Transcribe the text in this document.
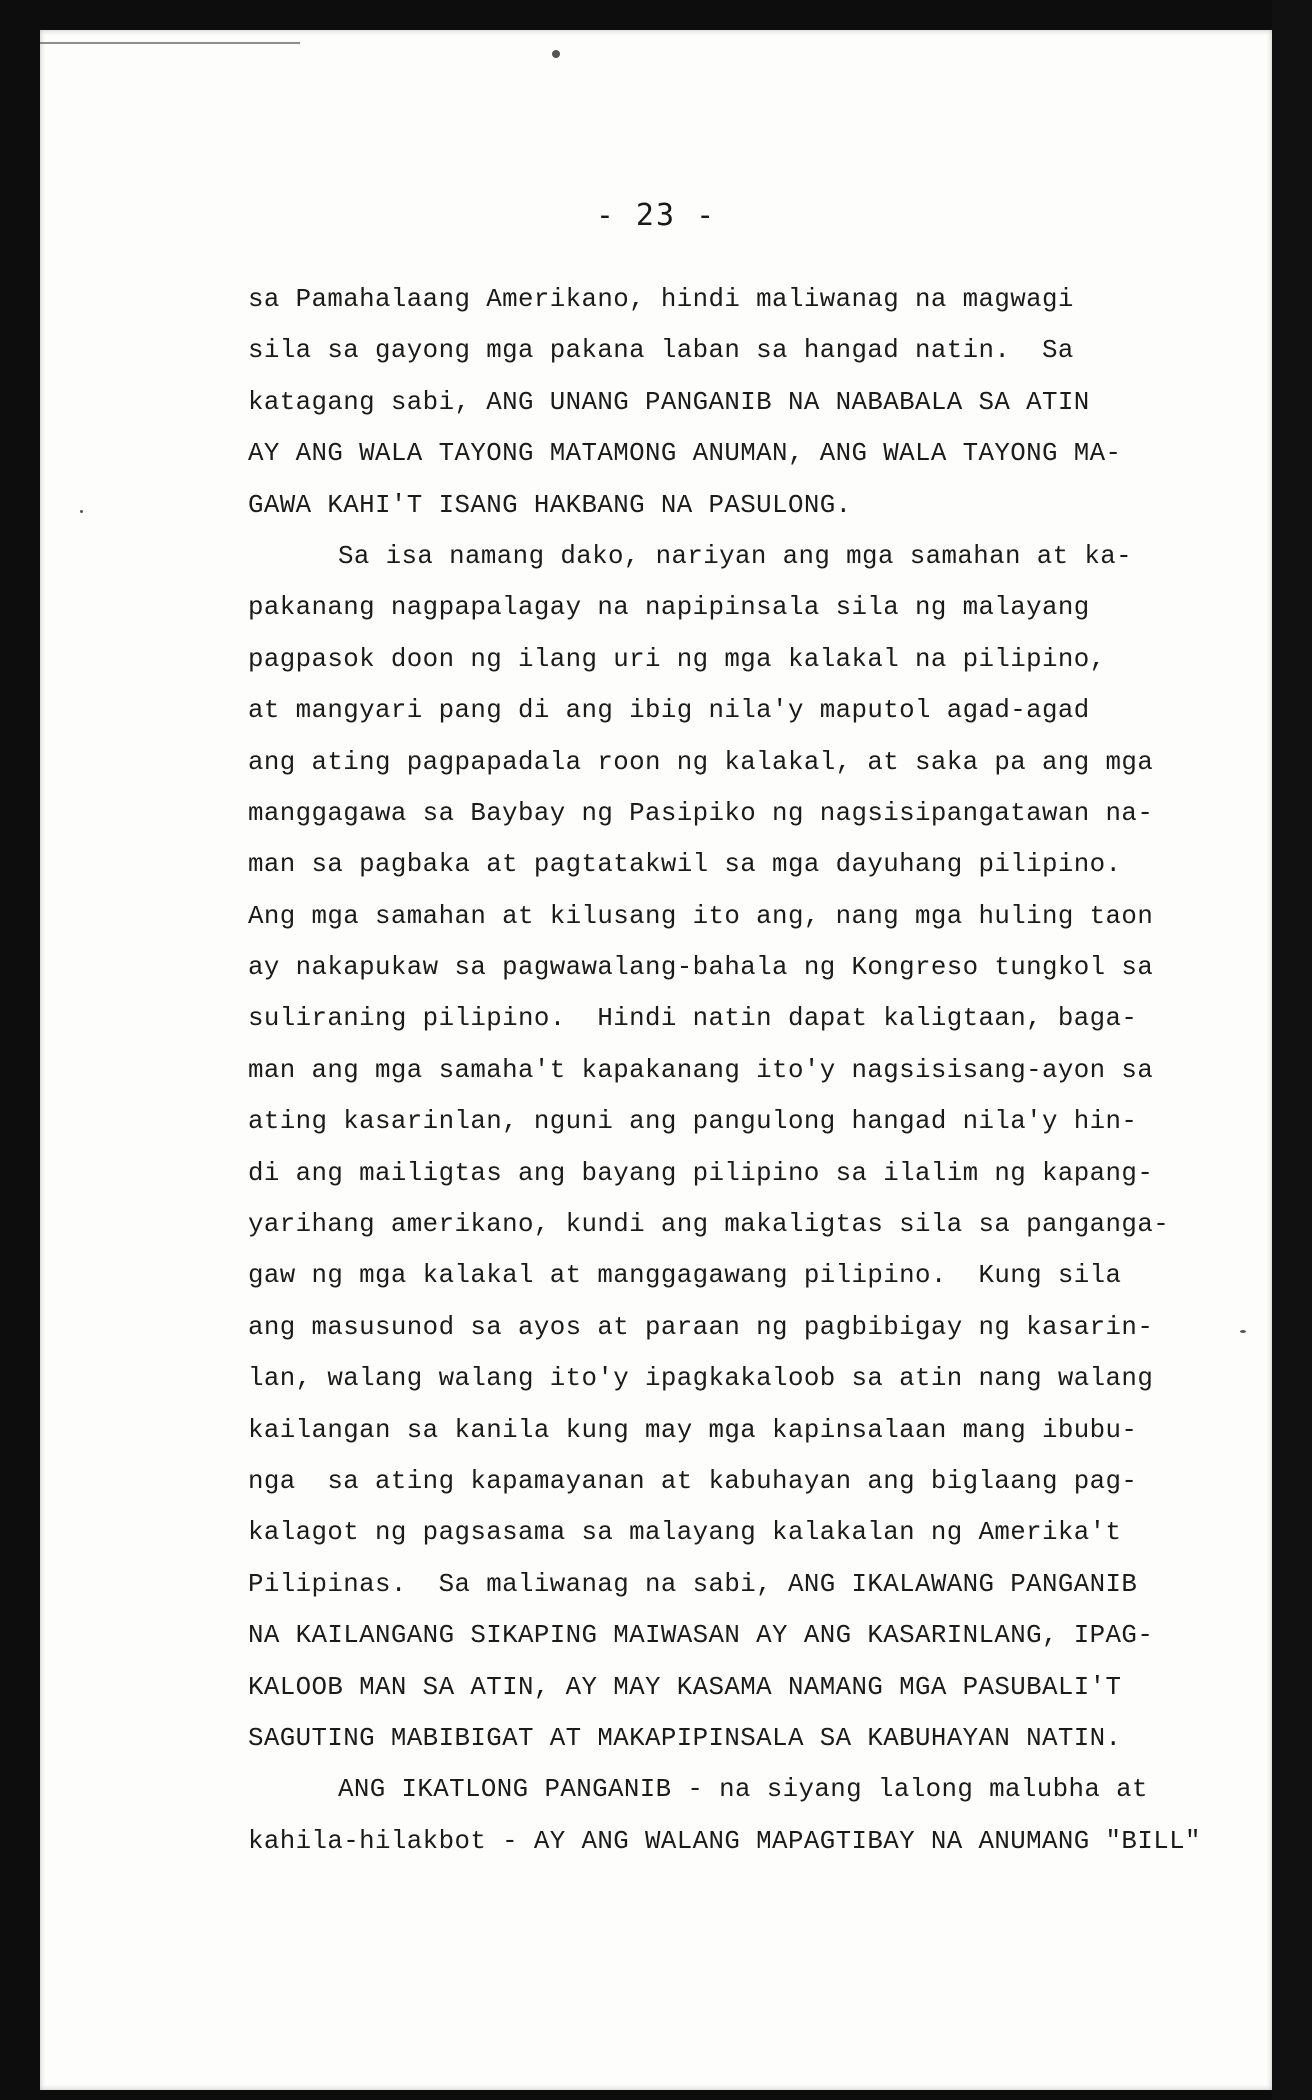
- 23 -
sa Pamahalaang Amerikano, hindi maliwanag na magwagi
sila sa gayong mga pakana laban sa hangad natin.  Sa
katagang sabi, ANG UNANG PANGANIB NA NABABALA SA ATIN
AY ANG WALA TAYONG MATAMONG ANUMAN, ANG WALA TAYONG MA-
GAWA KAHI'T ISANG HAKBANG NA PASULONG.
Sa isa namang dako, nariyan ang mga samahan at ka-
pakanang nagpapalagay na napipinsala sila ng malayang
pagpasok doon ng ilang uri ng mga kalakal na pilipino,
at mangyari pang di ang ibig nila'y maputol agad-agad
ang ating pagpapadala roon ng kalakal, at saka pa ang mga
manggagawa sa Baybay ng Pasipiko ng nagsisipangatawan na-
man sa pagbaka at pagtatakwil sa mga dayuhang pilipino.
Ang mga samahan at kilusang ito ang, nang mga huling taon
ay nakapukaw sa pagwawalang-bahala ng Kongreso tungkol sa
suliraning pilipino.  Hindi natin dapat kaligtaan, baga-
man ang mga samaha't kapakanang ito'y nagsisisang-ayon sa
ating kasarinlan, nguni ang pangulong hangad nila'y hin-
di ang mailigtas ang bayang pilipino sa ilalim ng kapang-
yarihang amerikano, kundi ang makaligtas sila sa panganga-
gaw ng mga kalakal at manggagawang pilipino.  Kung sila
ang masusunod sa ayos at paraan ng pagbibigay ng kasarin-
lan, walang walang ito'y ipagkakaloob sa atin nang walang
kailangan sa kanila kung may mga kapinsalaan mang ibubu-
nga  sa ating kapamayanan at kabuhayan ang biglaang pag-
kalagot ng pagsasama sa malayang kalakalan ng Amerika't
Pilipinas.  Sa maliwanag na sabi, ANG IKALAWANG PANGANIB
NA KAILANGANG SIKAPING MAIWASAN AY ANG KASARINLANG, IPAG-
KALOOB MAN SA ATIN, AY MAY KASAMA NAMANG MGA PASUBALI'T
SAGUTING MABIBIGAT AT MAKAPIPINSALA SA KABUHAYAN NATIN.
ANG IKATLONG PANGANIB - na siyang lalong malubha at
kahila-hilakbot - AY ANG WALANG MAPAGTIBAY NA ANUMANG "BILL"
